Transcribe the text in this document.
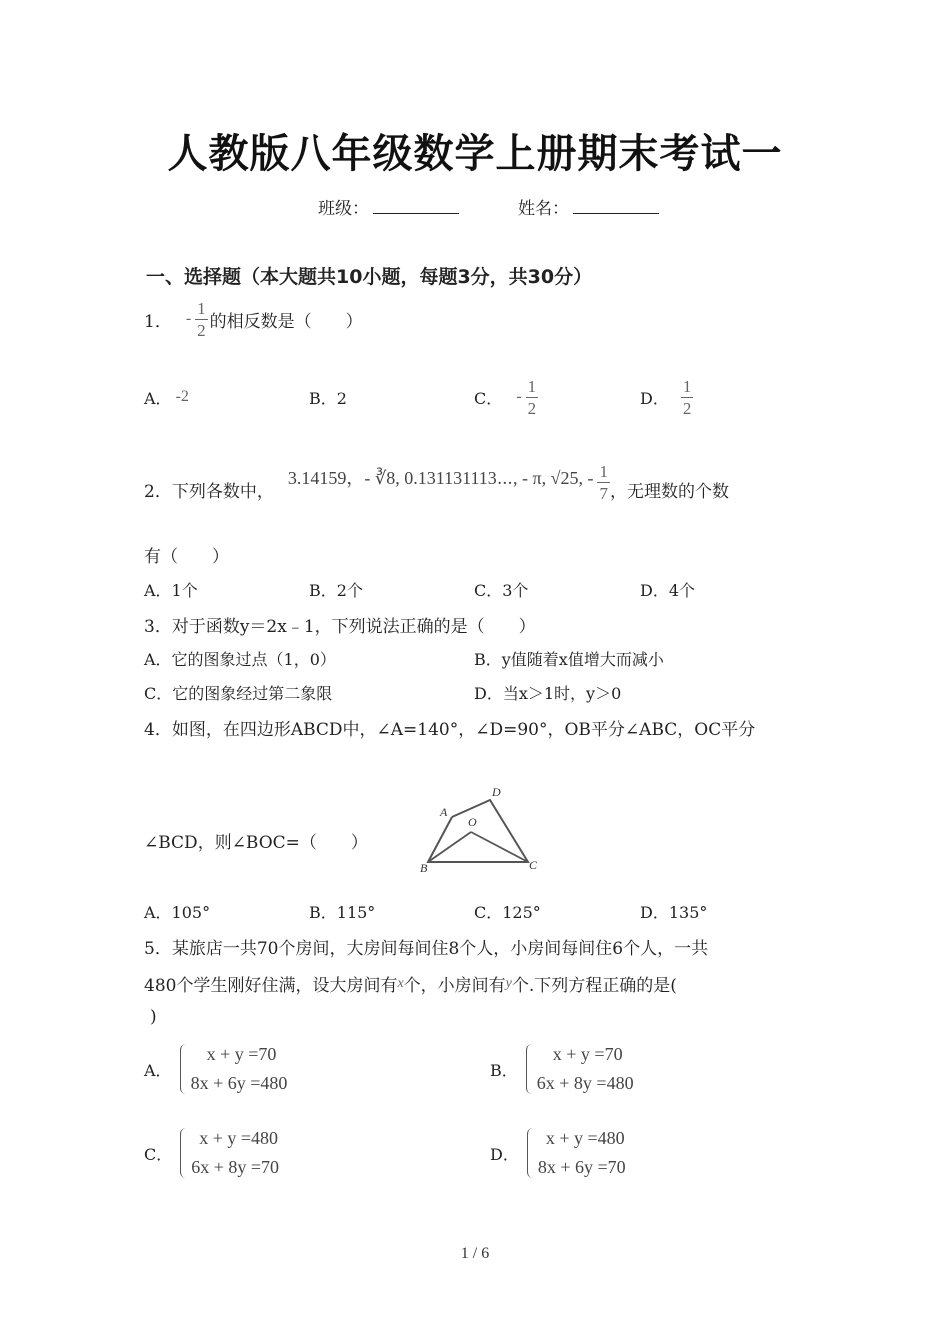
人教版八年级数学上册期末考试一
班级：	姓名：
一、选择题（本大题共10小题，每题3分，共30分）
1． - $\frac{1}{2}$ 的相反数是（　　）
A． -2	B．2	C． - $\frac{1}{2}$	D． $\frac{1}{2}$
2．下列各数中，
3.14159，- ∛8, 0.131131113⋯, - π, √25, - $\frac{1}{7}$ ，无理数的个数
有（　　）
A．1个	B．2个	C．3个	D．4个
3．对于函数y＝2x﹣1，下列说法正确的是（　　）
A．它的图象过点（1，0）	B．y值随着x值增大而减小
C．它的图象经过第二象限	D．当x＞1时，y＞0
4．如图，在四边形ABCD中，∠A=140°，∠D=90°，OB平分∠ABC，OC平分
∠BCD，则∠BOC=（　　）
A
D
O
B	C
A．105°	B．115°	C．125°	D．135°
5．某旅店一共70个房间，大房间每间住8个人，小房间每间住6个人，一共
480个学生刚好住满，设大房间有$^x$个，小房间有$^y$个.下列方程正确的是(
)
A．
x + y =70
8x + 6y =480
B．
x + y =70
6x + 8y =480
C．
x + y =480
6x + 8y =70
D．
x + y =480
8x + 6y =70
1 / 6
